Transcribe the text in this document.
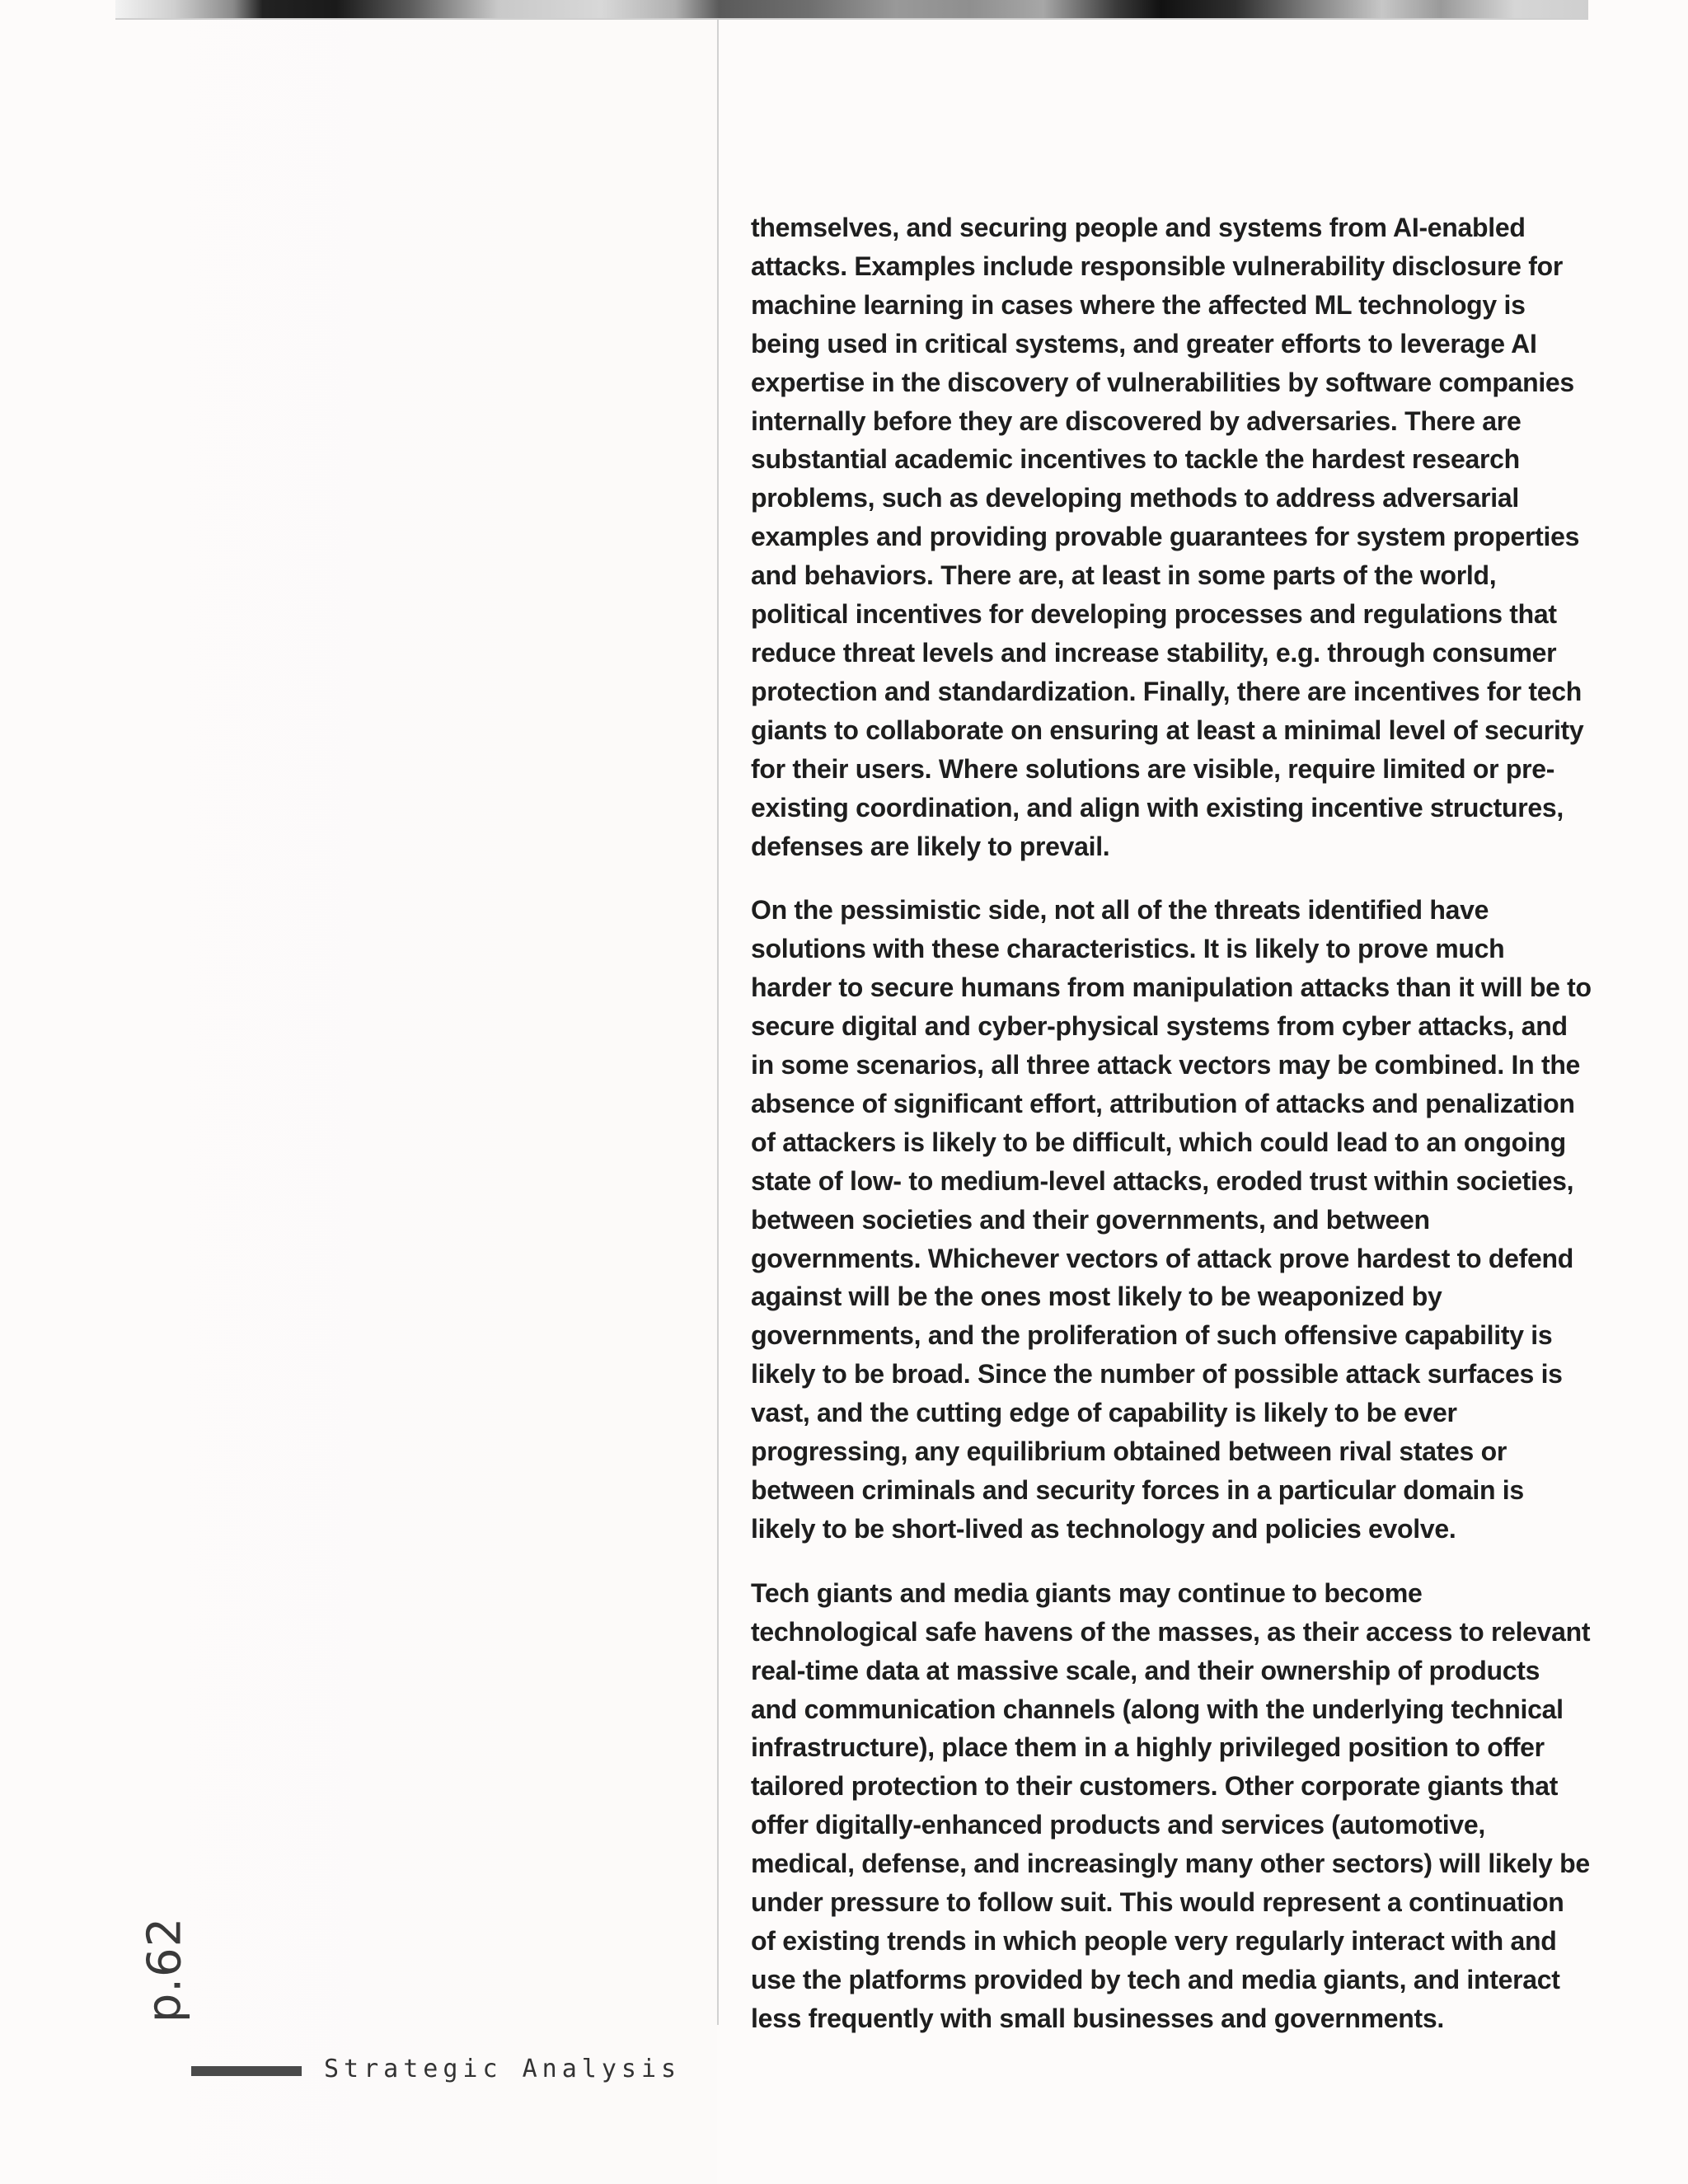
p.62
Strategic Analysis

themselves, and securing people and systems from AI-enabled attacks. Examples include responsible vulnerability disclosure for machine learning in cases where the affected ML technology is being used in critical systems, and greater efforts to leverage AI expertise in the discovery of vulnerabilities by software companies internally before they are discovered by adversaries. There are substantial academic incentives to tackle the hardest research problems, such as developing methods to address adversarial examples and providing provable guarantees for system properties and behaviors. There are, at least in some parts of the world, political incentives for developing processes and regulations that reduce threat levels and increase stability, e.g. through consumer protection and standardization. Finally, there are incentives for tech giants to collaborate on ensuring at least a minimal level of security for their users. Where solutions are visible, require limited or pre-existing coordination, and align with existing incentive structures, defenses are likely to prevail.

On the pessimistic side, not all of the threats identified have solutions with these characteristics. It is likely to prove much harder to secure humans from manipulation attacks than it will be to secure digital and cyber-physical systems from cyber attacks, and in some scenarios, all three attack vectors may be combined. In the absence of significant effort, attribution of attacks and penalization of attackers is likely to be difficult, which could lead to an ongoing state of low- to medium-level attacks, eroded trust within societies, between societies and their governments, and between governments. Whichever vectors of attack prove hardest to defend against will be the ones most likely to be weaponized by governments, and the proliferation of such offensive capability is likely to be broad. Since the number of possible attack surfaces is vast, and the cutting edge of capability is likely to be ever progressing, any equilibrium obtained between rival states or between criminals and security forces in a particular domain is likely to be short-lived as technology and policies evolve.

Tech giants and media giants may continue to become technological safe havens of the masses, as their access to relevant real-time data at massive scale, and their ownership of products and communication channels (along with the underlying technical infrastructure), place them in a highly privileged position to offer tailored protection to their customers. Other corporate giants that offer digitally-enhanced products and services (automotive, medical, defense, and increasingly many other sectors) will likely be under pressure to follow suit. This would represent a continuation of existing trends in which people very regularly interact with and use the platforms provided by tech and media giants, and interact less frequently with small businesses and governments.
